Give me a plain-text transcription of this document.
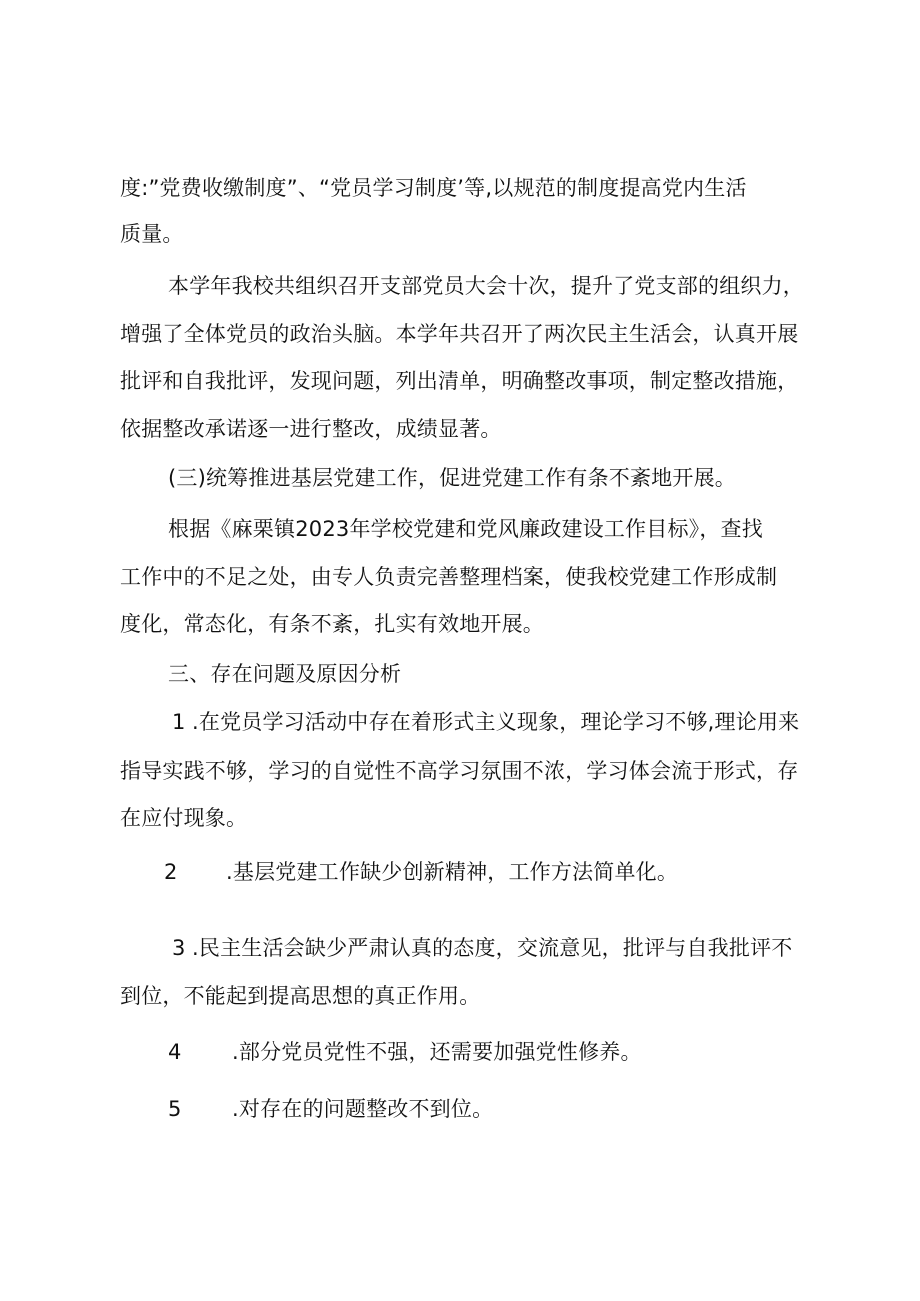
度:”党费收缴制度”、“党员学习制度’等,以规范的制度提高党内生活
质量。
本学年我校共组织召开支部党员大会十次，提升了党支部的组织力，
增强了全体党员的政治头脑。本学年共召开了两次民主生活会，认真开展
批评和自我批评，发现问题，列出清单，明确整改事项，制定整改措施，
依据整改承诺逐一进行整改，成绩显著。
(三)统筹推进基层党建工作，促进党建工作有条不紊地开展。
根据《麻栗镇2023年学校党建和党风廉政建设工作目标》，查找
工作中的不足之处，由专人负责完善整理档案，使我校党建工作形成制
度化，常态化，有条不紊，扎实有效地开展。
三、存在问题及原因分析
1 .在党员学习活动中存在着形式主义现象，理论学习不够,理论用来
指导实践不够，学习的自觉性不高学习氛围不浓，学习体会流于形式，存
在应付现象。
2 .基层党建工作缺少创新精神，工作方法简单化。
3 .民主生活会缺少严肃认真的态度，交流意见，批评与自我批评不
到位，不能起到提高思想的真正作用。
4 .部分党员党性不强，还需要加强党性修养。
5 .对存在的问题整改不到位。
